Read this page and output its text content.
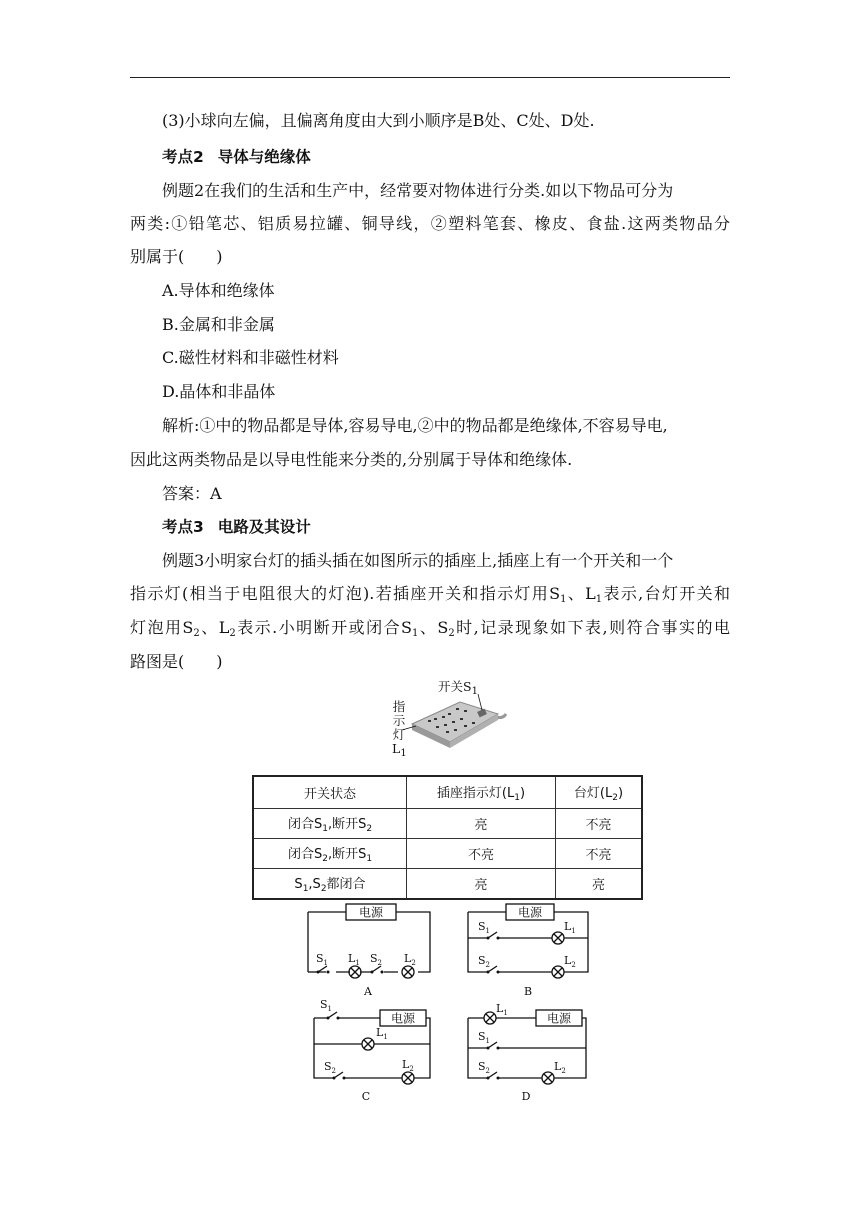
(3)小球向左偏，且偏离角度由大到小顺序是B处、C处、D处.
考点2 导体与绝缘体
例题2在我们的生活和生产中，经常要对物体进行分类.如以下物品可分为
两类:①铅笔芯、铝质易拉罐、铜导线，②塑料笔套、橡皮、食盐.这两类物品分
别属于(　　)
A.导体和绝缘体
B.金属和非金属
C.磁性材料和非磁性材料
D.晶体和非晶体
解析:①中的物品都是导体,容易导电,②中的物品都是绝缘体,不容易导电,
因此这两类物品是以导电性能来分类的,分别属于导体和绝缘体.
答案：A
考点3 电路及其设计
例题3小明家台灯的插头插在如图所示的插座上,插座上有一个开关和一个
指示灯(相当于电阻很大的灯泡).若插座开关和指示灯用$S_1$、$L_1$表示,台灯开关和
灯泡用$S_2$、$L_2$表示.小明断开或闭合$S_1$、$S_2$时,记录现象如下表,则符合事实的电
路图是(　　)
开关$S_1$
指
示
灯
$L_1$
开关状态	插座指示灯$(L_1)$	台灯$(L_2)$
闭合$S_1$,断开$S_2$	亮	不亮
闭合$S_2$,断开$S_1$	不亮	不亮
$S_1,S_2$都闭合	亮	亮
电源
$S_1$ $L_1$ $S_2$ $L_2$
A
电源
$S_1$	$L_1$
$S_2$	$L_2$
B
电源
$S_1$
$L_1$
$S_2$	$L_2$
C
电源
$L_1$
$S_1$
$S_2$	$L_2$
D
